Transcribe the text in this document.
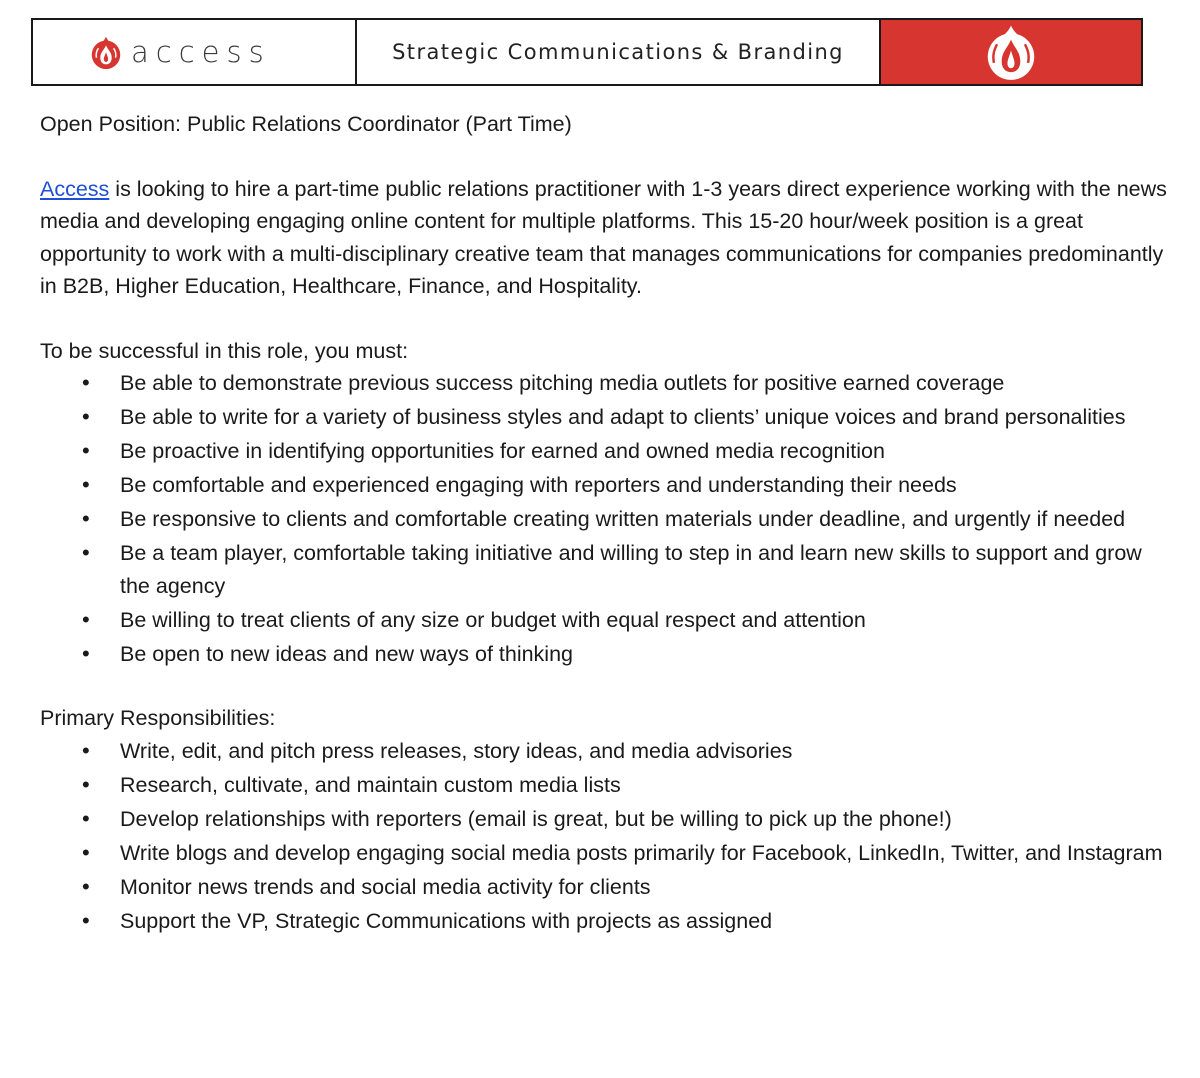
access	Strategic Communications & Branding
Open Position: Public Relations Coordinator (Part Time)

Access is looking to hire a part-time public relations practitioner with 1-3 years direct experience working with the news media and developing engaging online content for multiple platforms. This 15-20 hour/week position is a great opportunity to work with a multi-disciplinary creative team that manages communications for companies predominantly in B2B, Higher Education, Healthcare, Finance, and Hospitality.

To be successful in this role, you must:

• Be able to demonstrate previous success pitching media outlets for positive earned coverage
• Be able to write for a variety of business styles and adapt to clients’ unique voices and brand personalities
• Be proactive in identifying opportunities for earned and owned media recognition
• Be comfortable and experienced engaging with reporters and understanding their needs
• Be responsive to clients and comfortable creating written materials under deadline, and urgently if needed
• Be a team player, comfortable taking initiative and willing to step in and learn new skills to support and grow the agency
• Be willing to treat clients of any size or budget with equal respect and attention
• Be open to new ideas and new ways of thinking

Primary Responsibilities:

• Write, edit, and pitch press releases, story ideas, and media advisories
• Research, cultivate, and maintain custom media lists
• Develop relationships with reporters (email is great, but be willing to pick up the phone!)
• Write blogs and develop engaging social media posts primarily for Facebook, LinkedIn, Twitter, and Instagram
• Monitor news trends and social media activity for clients
• Support the VP, Strategic Communications with projects as assigned
